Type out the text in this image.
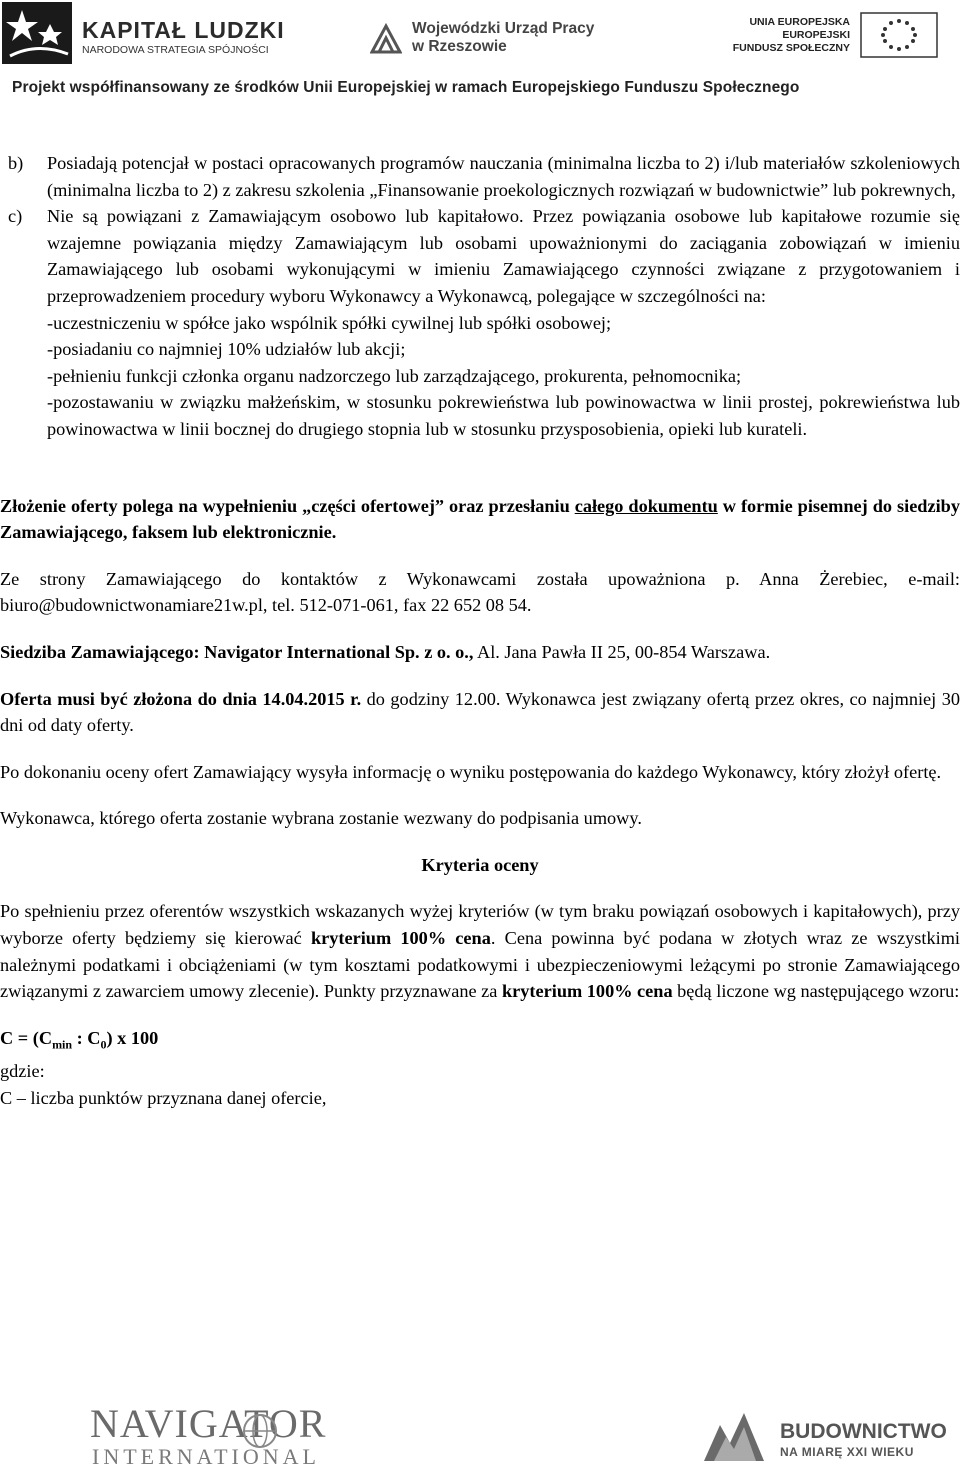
KAPITAŁ LUDZKI
NARODOWA STRATEGIA SPÓJNOŚCI
Wojewódzki Urząd Pracy
w Rzeszowie
UNIA EUROPEJSKA
EUROPEJSKI
FUNDUSZ SPOŁECZNY
Projekt współfinansowany ze środków Unii Europejskiej w ramach Europejskiego Funduszu Społecznego
b) Posiadają potencjał w postaci opracowanych programów nauczania (minimalna liczba to 2) i/lub materiałów szkoleniowych (minimalna liczba to 2) z zakresu szkolenia „Finansowanie proekologicznych rozwiązań w budownictwie” lub pokrewnych,
c) Nie są powiązani z Zamawiającym osobowo lub kapitałowo. Przez powiązania osobowe lub kapitałowe rozumie się wzajemne powiązania między Zamawiającym lub osobami upoważnionymi do zaciągania zobowiązań w imieniu Zamawiającego lub osobami wykonującymi w imieniu Zamawiającego czynności związane z przygotowaniem i przeprowadzeniem procedury wyboru Wykonawcy a Wykonawcą, polegające w szczególności na:
-uczestniczeniu w spółce jako wspólnik spółki cywilnej lub spółki osobowej;
-posiadaniu co najmniej 10% udziałów lub akcji;
-pełnieniu funkcji członka organu nadzorczego lub zarządzającego, prokurenta, pełnomocnika;
-pozostawaniu w związku małżeńskim, w stosunku pokrewieństwa lub powinowactwa w linii prostej, pokrewieństwa lub powinowactwa w linii bocznej do drugiego stopnia lub w stosunku przysposobienia, opieki lub kurateli.

Złożenie oferty polega na wypełnieniu „części ofertowej” oraz przesłaniu całego dokumentu w formie pisemnej do siedziby Zamawiającego, faksem lub elektronicznie.

Ze strony Zamawiającego do kontaktów z Wykonawcami została upoważniona p. Anna Żerebiec, e-mail: biuro@budownictwonamiare21w.pl, tel. 512-071-061, fax 22 652 08 54.

Siedziba Zamawiającego: Navigator International Sp. z o. o., Al. Jana Pawła II 25, 00-854 Warszawa.

Oferta musi być złożona do dnia 14.04.2015 r. do godziny 12.00. Wykonawca jest związany ofertą przez okres, co najmniej 30 dni od daty oferty.

Po dokonaniu oceny ofert Zamawiający wysyła informację o wyniku postępowania do każdego Wykonawcy, który złożył ofertę.

Wykonawca, którego oferta zostanie wybrana zostanie wezwany do podpisania umowy.

Kryteria oceny

Po spełnieniu przez oferentów wszystkich wskazanych wyżej kryteriów (w tym braku powiązań osobowych i kapitałowych), przy wyborze oferty będziemy się kierować kryterium 100% cena. Cena powinna być podana w złotych wraz ze wszystkimi należnymi podatkami i obciążeniami (w tym kosztami podatkowymi i ubezpieczeniowymi leżącymi po stronie Zamawiającego związanymi z zawarciem umowy zlecenie). Punkty przyznawane za kryterium 100% cena będą liczone wg następującego wzoru:

$C = (C_{min}$ : $C_0$) x 100

gdzie:

C – liczba punktów przyznana danej ofercie,

NAVIGATOR
INTERNATIONAL
BUDOWNICTWO
NA MIARĘ XXI WIEKU
